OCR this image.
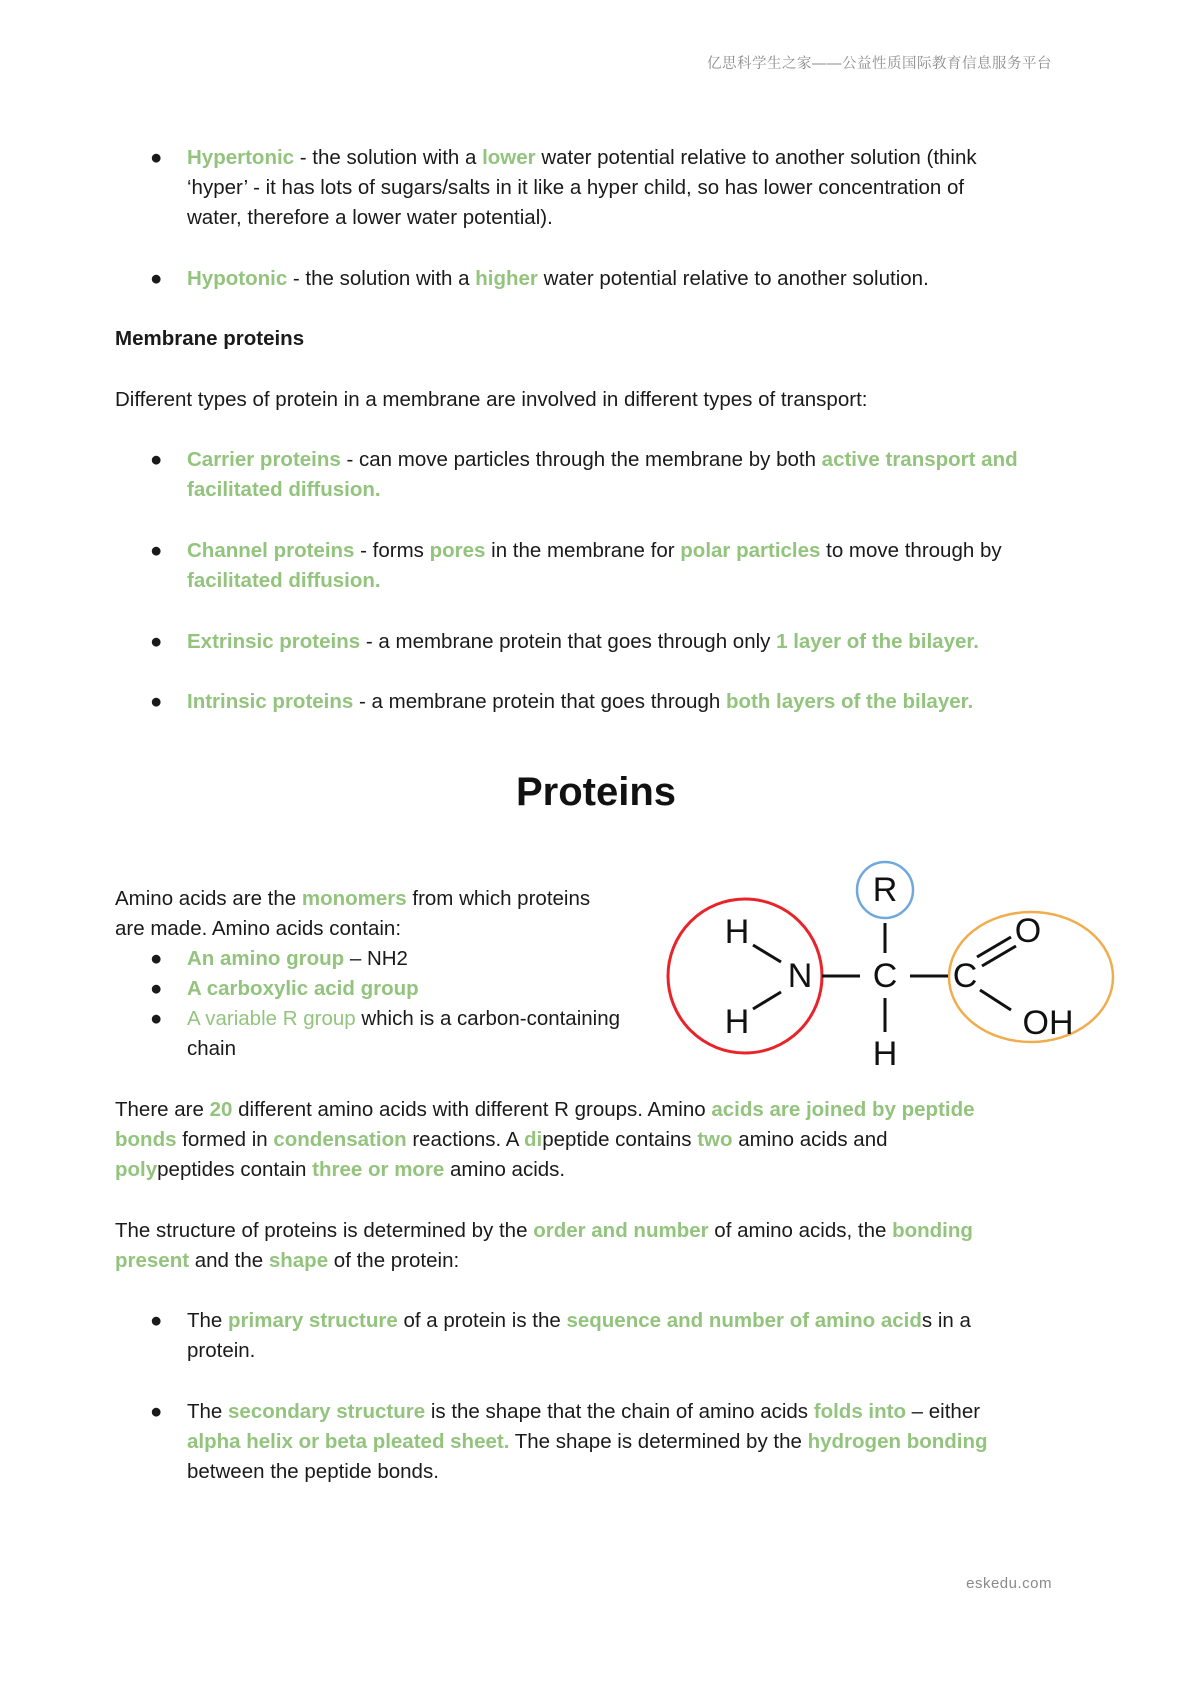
亿思科学生之家——公益性质国际教育信息服务平台
● Hypertonic - the solution with a lower water potential relative to another solution (think
‘hyper’ - it has lots of sugars/salts in it like a hyper child, so has lower concentration of
water, therefore a lower water potential).
● Hypotonic - the solution with a higher water potential relative to another solution.
Membrane proteins
Different types of protein in a membrane are involved in different types of transport:
● Carrier proteins - can move particles through the membrane by both active transport and
facilitated diffusion.
● Channel proteins - forms pores in the membrane for polar particles to move through by
facilitated diffusion.
● Extrinsic proteins - a membrane protein that goes through only 1 layer of the bilayer.
● Intrinsic proteins - a membrane protein that goes through both layers of the bilayer.
Proteins
Amino acids are the monomers from which proteins
are made. Amino acids contain:
● An amino group – NH2
● A carboxylic acid group
● A variable R group which is a carbon-containing
chain
H
H
N C
R
H
C
O
OH
There are 20 different amino acids with different R groups. Amino acids are joined by peptide
bonds formed in condensation reactions. A dipeptide contains two amino acids and
polypeptides contain three or more amino acids.
The structure of proteins is determined by the order and number of amino acids, the bonding
present and the shape of the protein:
● The primary structure of a protein is the sequence and number of amino acids in a
protein.
● The secondary structure is the shape that the chain of amino acids folds into – either
alpha helix or beta pleated sheet. The shape is determined by the hydrogen bonding
between the peptide bonds.
eskedu.com
